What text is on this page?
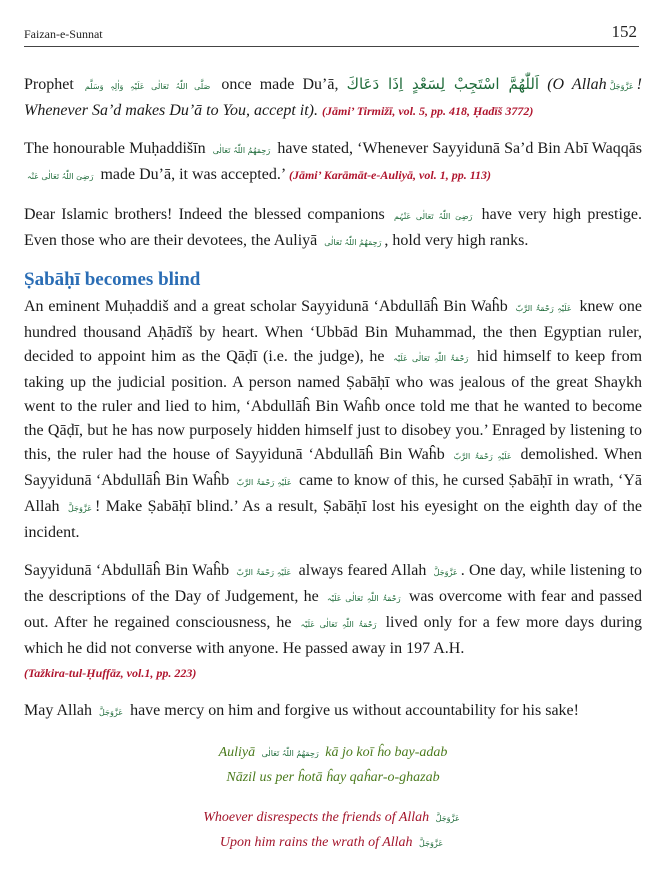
Faizan-e-Sunnat	152

Prophet صَلَّی اللّٰہُ تَعَالٰی عَلَیْہِ وَاٰلِہٖ وَسَلَّم once made Du’ā, اَللّٰهُمَّ اسْتَجِبْ لِسَعْدٍ اِذَا دَعَاكَ (O Allah عَزَّوَجَلَّ ! Whenever Sa’d makes Du’ā to You, accept it). (Jāmi’ Tirmižī, vol. 5, pp. 418, Ḥadīš 3772)

The honourable Muḥaddišīn رَحِمَهُمُ اللّٰہُ تَعَالٰی have stated, ‘Whenever Sayyidunā Sa’d Bin Abī Waqqās رَضِیَ اللّٰہُ تَعَالٰی عَنْہ made Du’ā, it was accepted.’ (Jāmi’ Karāmāt-e-Auliyā, vol. 1, pp. 113)

Dear Islamic brothers! Indeed the blessed companions رَضِیَ اللّٰہُ تَعَالٰی عَنْہُم have very high prestige. Even those who are their devotees, the Auliyā رَحِمَهُمُ اللّٰہُ تَعَالٰی , hold very high ranks.

Ṣabāḥī becomes blind

An eminent Muḥaddiš and a great scholar Sayyidunā ‘Abdullāĥ Bin Waĥb عَلَیْہِ رَحْمَۃُ الرَّبّ knew one hundred thousand Aḥādīš by heart. When ‘Ubbād Bin Muhammad, the then Egyptian ruler, decided to appoint him as the Qāḍī (i.e. the judge), he رَحْمَۃُ اللّٰہِ تَعَالٰی عَلَیْہ hid himself to keep from taking up the judicial position. A person named Ṣabāḥī who was jealous of the great Shaykh went to the ruler and lied to him, ‘Abdullāĥ Bin Waĥb once told me that he wanted to become the Qāḍī, but he has now purposely hidden himself just to disobey you.’ Enraged by listening to this, the ruler had the house of Sayyidunā ‘Abdullāĥ Bin Waĥb عَلَیْہِ رَحْمَۃُ الرَّبّ demolished. When Sayyidunā ‘Abdullāĥ Bin Waĥb عَلَیْہِ رَحْمَۃُ الرَّبّ came to know of this, he cursed Ṣabāḥī in wrath, ‘Yā Allah عَزَّوَجَلَّ ! Make Ṣabāḥī blind.’ As a result, Ṣabāḥī lost his eyesight on the eighth day of the incident.

Sayyidunā ‘Abdullāĥ Bin Waĥb عَلَیْہِ رَحْمَۃُ الرَّبّ always feared Allah عَزَّوَجَلَّ . One day, while listening to the descriptions of the Day of Judgement, he رَحْمَۃُ اللّٰہِ تَعَالٰی عَلَیْہ was overcome with fear and passed out. After he regained consciousness, he رَحْمَۃُ اللّٰہِ تَعَالٰی عَلَیْہ lived only for a few more days during which he did not converse with anyone. He passed away in 197 A.H.
(Tažkira-tul-Ḥuffāz, vol.1, pp. 223)

May Allah عَزَّوَجَلَّ have mercy on him and forgive us without accountability for his sake!

Auliyā رَحِمَهُمُ اللّٰہُ تَعَالٰی kā jo koī ĥo bay-adab
Nāzil us per ĥotā ĥay qaĥar-o-ghazab
Whoever disrespects the friends of Allah عَزَّوَجَلَّ
Upon him rains the wrath of Allah عَزَّوَجَلَّ
